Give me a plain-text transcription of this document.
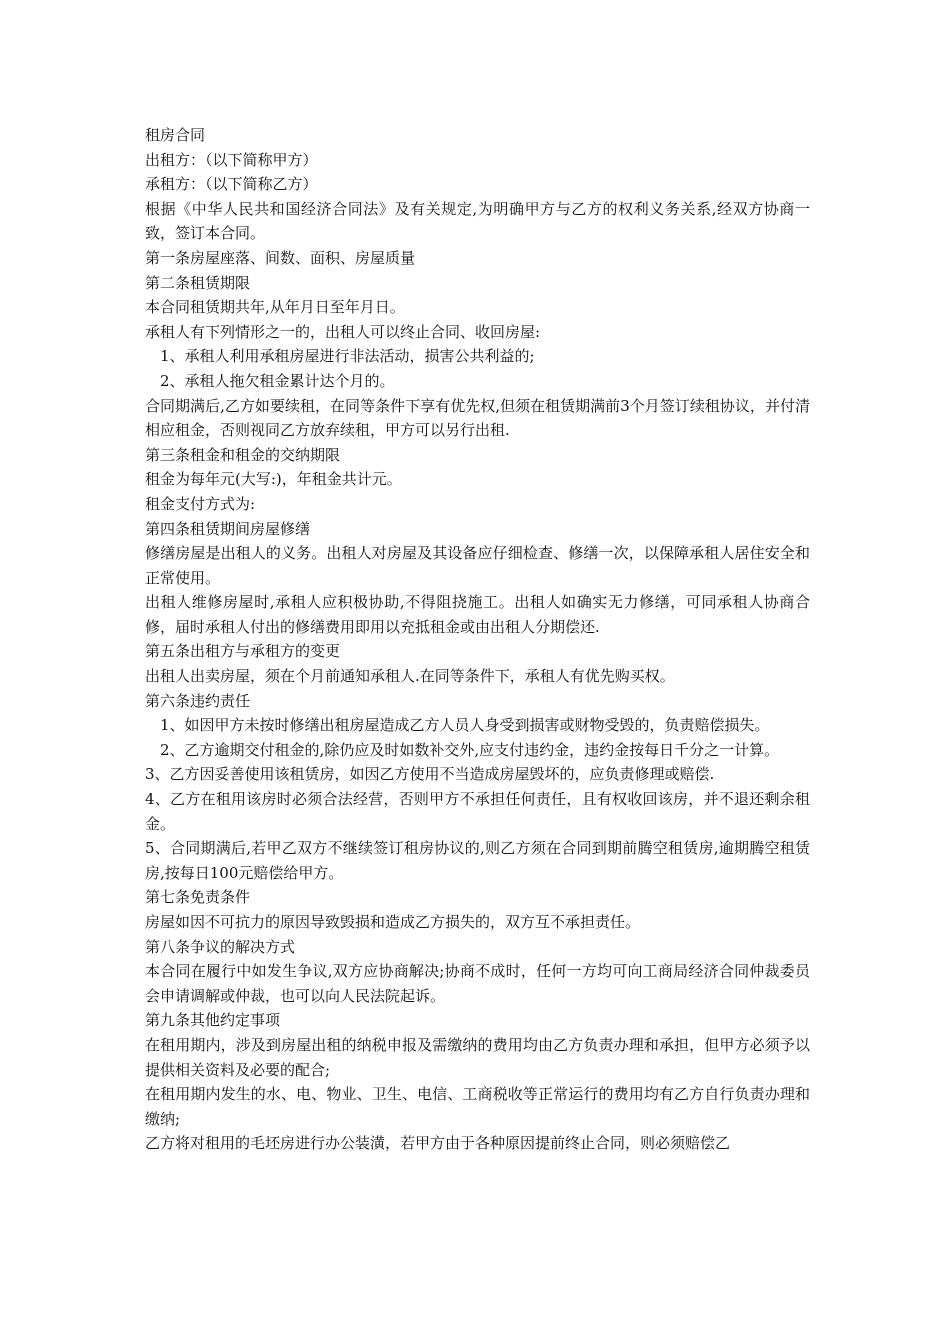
租房合同

出租方：（以下简称甲方）

承租方：（以下简称乙方）

根据《中华人民共和国经济合同法》及有关规定,为明确甲方与乙方的权利义务关系,经双方协商一致，签订本合同。

第一条房屋座落、间数、面积、房屋质量

第二条租赁期限

本合同租赁期共年,从年月日至年月日。

承租人有下列情形之一的，出租人可以终止合同、收回房屋:

1、承租人利用承租房屋进行非法活动，损害公共利益的;

2、承租人拖欠租金累计达个月的。

合同期满后,乙方如要续租，在同等条件下享有优先权,但须在租赁期满前3个月签订续租协议，并付清相应租金，否则视同乙方放弃续租，甲方可以另行出租.

第三条租金和租金的交纳期限

租金为每年元(大写:)，年租金共计元。

租金支付方式为:

第四条租赁期间房屋修缮

修缮房屋是出租人的义务。出租人对房屋及其设备应仔细检查、修缮一次，以保障承租人居住安全和正常使用。

出租人维修房屋时,承租人应积极协助,不得阻挠施工。出租人如确实无力修缮，可同承租人协商合修，届时承租人付出的修缮费用即用以充抵租金或由出租人分期偿还.

第五条出租方与承租方的变更

出租人出卖房屋，须在个月前通知承租人.在同等条件下，承租人有优先购买权。

第六条违约责任

1、如因甲方未按时修缮出租房屋造成乙方人员人身受到损害或财物受毁的，负责赔偿损失。

2、乙方逾期交付租金的,除仍应及时如数补交外,应支付违约金，违约金按每日千分之一计算。

3、乙方因妥善使用该租赁房，如因乙方使用不当造成房屋毁坏的，应负责修理或赔偿.

4、乙方在租用该房时必须合法经营，否则甲方不承担任何责任，且有权收回该房，并不退还剩余租金。

5、合同期满后,若甲乙双方不继续签订租房协议的,则乙方须在合同到期前腾空租赁房,逾期腾空租赁房,按每日100元赔偿给甲方。

第七条免责条件

房屋如因不可抗力的原因导致毁损和造成乙方损失的，双方互不承担责任。

第八条争议的解决方式

本合同在履行中如发生争议,双方应协商解决;协商不成时，任何一方均可向工商局经济合同仲裁委员会申请调解或仲裁，也可以向人民法院起诉。

第九条其他约定事项

在租用期内，涉及到房屋出租的纳税申报及需缴纳的费用均由乙方负责办理和承担，但甲方必须予以提供相关资料及必要的配合;

在租用期内发生的水、电、物业、卫生、电信、工商税收等正常运行的费用均有乙方自行负责办理和缴纳;

乙方将对租用的毛坯房进行办公装潢，若甲方由于各种原因提前终止合同，则必须赔偿乙
